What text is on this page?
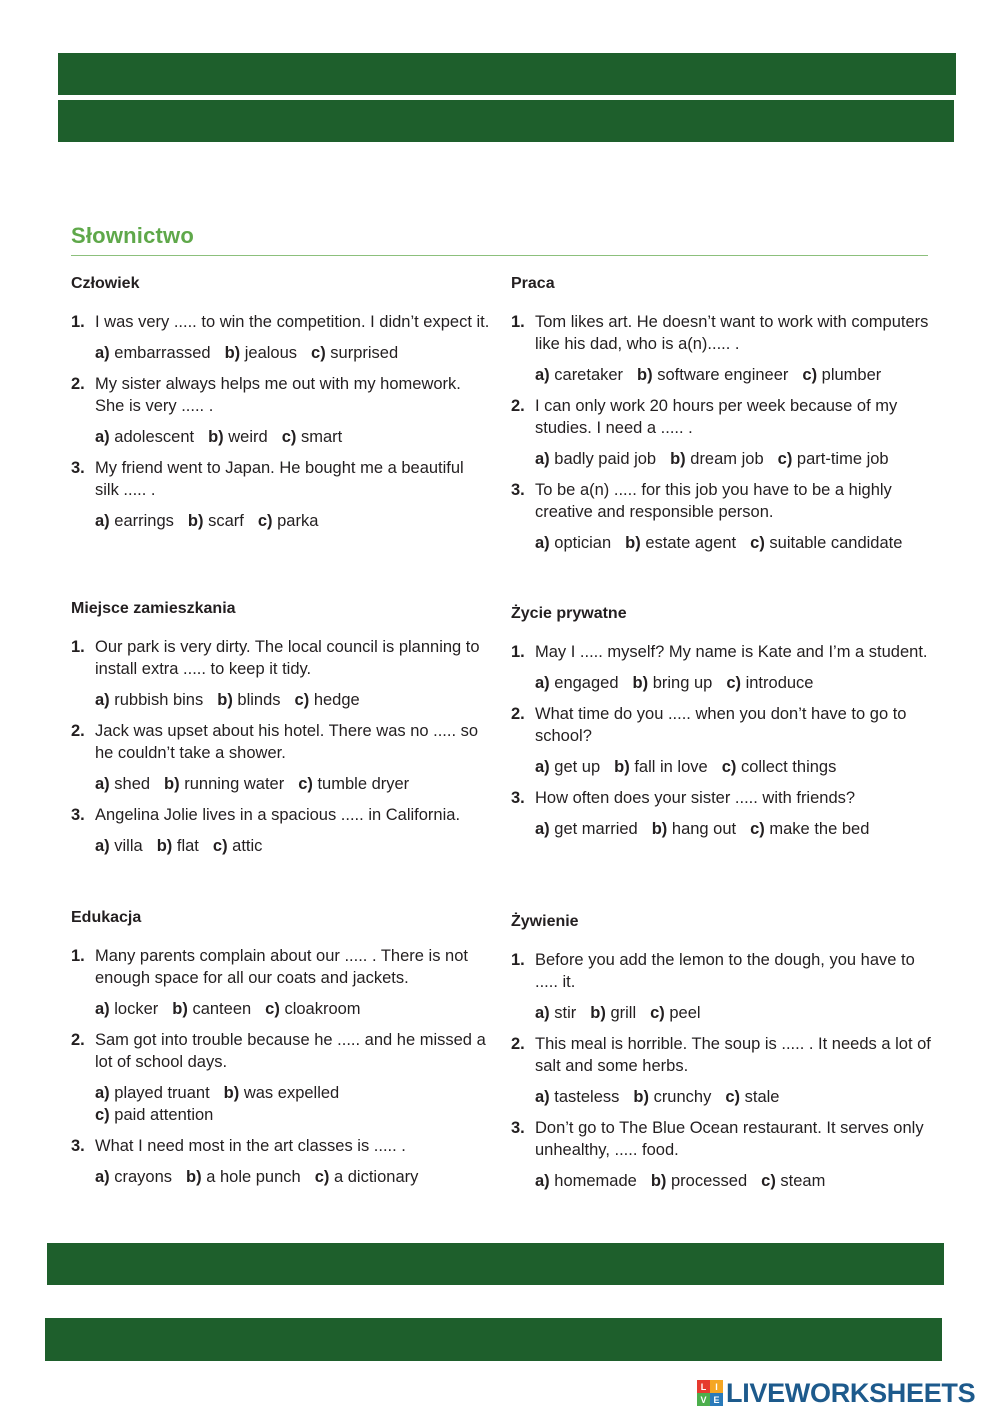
Słownictwo
Człowiek
1. I was very ..... to win the competition. I didn’t expect it.
a) embarrassed b) jealous c) surprised
2. My sister always helps me out with my homework. She is very ..... .
a) adolescent b) weird c) smart
3. My friend went to Japan. He bought me a beautiful silk ..... .
a) earrings b) scarf c) parka
Praca
1. Tom likes art. He doesn’t want to work with computers like his dad, who is a(n)..... .
a) caretaker b) software engineer c) plumber
2. I can only work 20 hours per week because of my studies. I need a ..... .
a) badly paid job b) dream job c) part-time job
3. To be a(n) ..... for this job you have to be a highly creative and responsible person.
a) optician b) estate agent c) suitable candidate
Miejsce zamieszkania
1. Our park is very dirty. The local council is planning to install extra ..... to keep it tidy.
a) rubbish bins b) blinds c) hedge
2. Jack was upset about his hotel. There was no ..... so he couldn’t take a shower.
a) shed b) running water c) tumble dryer
3. Angelina Jolie lives in a spacious ..... in California.
a) villa b) flat c) attic
Życie prywatne
1. May I ..... myself? My name is Kate and I’m a student.
a) engaged b) bring up c) introduce
2. What time do you ..... when you don’t have to go to school?
a) get up b) fall in love c) collect things
3. How often does your sister ..... with friends?
a) get married b) hang out c) make the bed
Edukacja
1. Many parents complain about our ..... . There is not enough space for all our coats and jackets.
a) locker b) canteen c) cloakroom
2. Sam got into trouble because he ..... and he missed a lot of school days.
a) played truant b) was expelled
c) paid attention
3. What I need most in the art classes is ..... .
a) crayons b) a hole punch c) a dictionary
Żywienie
1. Before you add the lemon to the dough, you have to ..... it.
a) stir b) grill c) peel
2. This meal is horrible. The soup is ..... . It needs a lot of salt and some herbs.
a) tasteless b) crunchy c) stale
3. Don’t go to The Blue Ocean restaurant. It serves only unhealthy, ..... food.
a) homemade b) processed c) steam
L I
V E LIVEWORKSHEETS
